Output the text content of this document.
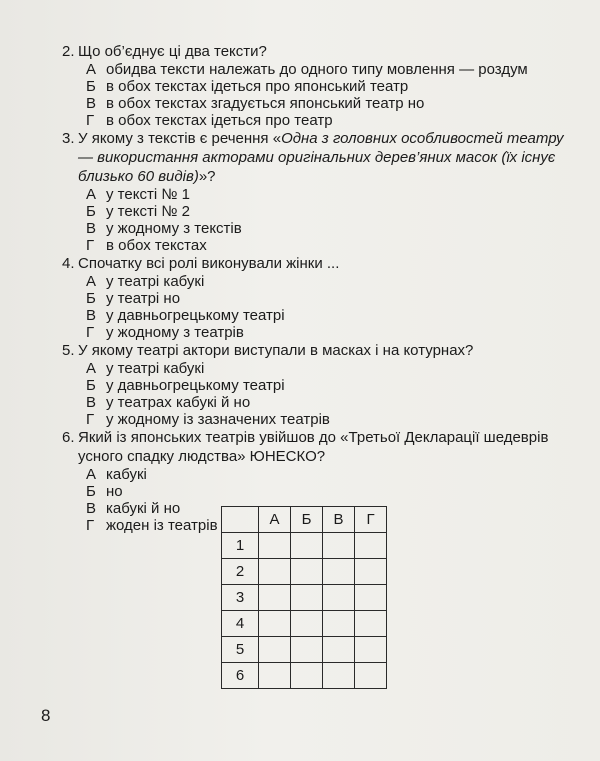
2. Що об’єднує ці два тексти?
А обидва тексти належать до одного типу мовлення — роздум
Б в обох текстах ідеться про японський театр
В в обох текстах згадується японський театр но
Г в обох текстах ідеться про театр
3. У якому з текстів є речення «Одна з головних особливостей театру — використання акторами оригінальних дерев’яних масок (їх існує близько 60 видів)»?
А у тексті № 1
Б у тексті № 2
В у жодному з текстів
Г в обох текстах
4. Спочатку всі ролі виконували жінки ...
А у театрі кабукі
Б у театрі но
В у давньогрецькому театрі
Г у жодному з театрів
5. У якому театрі актори виступали в масках і на котурнах?
А у театрі кабукі
Б у давньогрецькому театрі
В у театрах кабукі й но
Г у жодному із зазначених театрів
6. Який із японських театрів увійшов до «Третьої Декларації шедеврів усного спадку людства» ЮНЕСКО?
А кабукі
Б но
В кабукі й но
Г жоден із театрів
		А	Б	В	Г
1				
2				
3				
4				
5				
6				
8
